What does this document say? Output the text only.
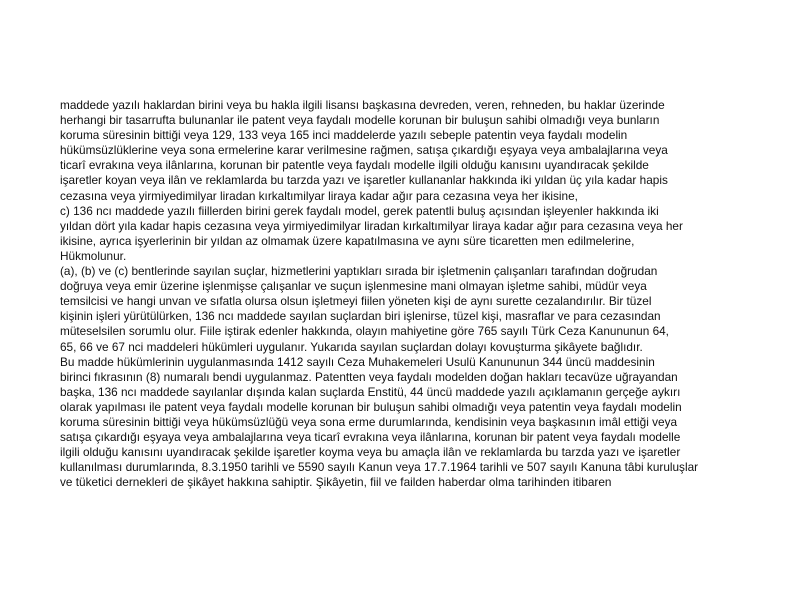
maddede yazılı haklardan birini veya bu hakla ilgili lisansı başkasına devreden, veren, rehneden, bu haklar üzerinde
herhangi bir tasarrufta bulunanlar ile patent veya faydalı modelle korunan bir buluşun sahibi olmadığı veya bunların
koruma süresinin bittiği veya 129, 133 veya 165 inci maddelerde yazılı sebeple patentin veya faydalı modelin
hükümsüzlüklerine veya sona ermelerine karar verilmesine rağmen, satışa çıkardığı eşyaya veya ambalajlarına veya
ticarî evrakına veya ilânlarına, korunan bir patentle veya faydalı modelle ilgili olduğu kanısını uyandıracak şekilde
işaretler koyan veya ilân ve reklamlarda bu tarzda yazı ve işaretler kullananlar hakkında iki yıldan üç yıla kadar hapis
cezasına veya yirmiyedimilyar liradan kırkaltımilyar liraya kadar ağır para cezasına veya her ikisine,
c) 136 ncı maddede yazılı fiillerden birini gerek faydalı model, gerek patentli buluş açısından işleyenler hakkında iki
yıldan dört yıla kadar hapis cezasına veya yirmiyedimilyar liradan kırkaltımilyar liraya kadar ağır para cezasına veya her
ikisine, ayrıca işyerlerinin bir yıldan az olmamak üzere kapatılmasına ve aynı süre ticaretten men edilmelerine,
Hükmolunur.
(a), (b) ve (c) bentlerinde sayılan suçlar, hizmetlerini yaptıkları sırada bir işletmenin çalışanları tarafından doğrudan
doğruya veya emir üzerine işlenmişse çalışanlar ve suçun işlenmesine mani olmayan işletme sahibi, müdür veya
temsilcisi ve hangi unvan ve sıfatla olursa olsun işletmeyi fiilen yöneten kişi de aynı surette cezalandırılır. Bir tüzel
kişinin işleri yürütülürken, 136 ncı maddede sayılan suçlardan biri işlenirse, tüzel kişi, masraflar ve para cezasından
müteselsilen sorumlu olur. Fiile iştirak edenler hakkında, olayın mahiyetine göre 765 sayılı Türk Ceza Kanununun 64,
65, 66 ve 67 nci maddeleri hükümleri uygulanır. Yukarıda sayılan suçlardan dolayı kovuşturma şikâyete bağlıdır.
Bu madde hükümlerinin uygulanmasında 1412 sayılı Ceza Muhakemeleri Usulü Kanununun 344 üncü maddesinin
birinci fıkrasının (8) numaralı bendi uygulanmaz. Patentten veya faydalı modelden doğan hakları tecavüze uğrayandan
başka, 136 ncı maddede sayılanlar dışında kalan suçlarda Enstitü, 44 üncü maddede yazılı açıklamanın gerçeğe aykırı
olarak yapılması ile patent veya faydalı modelle korunan bir buluşun sahibi olmadığı veya patentin veya faydalı modelin
koruma süresinin bittiği veya hükümsüzlüğü veya sona erme durumlarında, kendisinin veya başkasının imâl ettiği veya
satışa çıkardığı eşyaya veya ambalajlarına veya ticarî evrakına veya ilânlarına, korunan bir patent veya faydalı modelle
ilgili olduğu kanısını uyandıracak şekilde işaretler koyma veya bu amaçla ilân ve reklamlarda bu tarzda yazı ve işaretler
kullanılması durumlarında, 8.3.1950 tarihli ve 5590 sayılı Kanun veya 17.7.1964 tarihli ve 507 sayılı Kanuna tâbi kuruluşlar
ve tüketici dernekleri de şikâyet hakkına sahiptir. Şikâyetin, fiil ve failden haberdar olma tarihinden itibaren
